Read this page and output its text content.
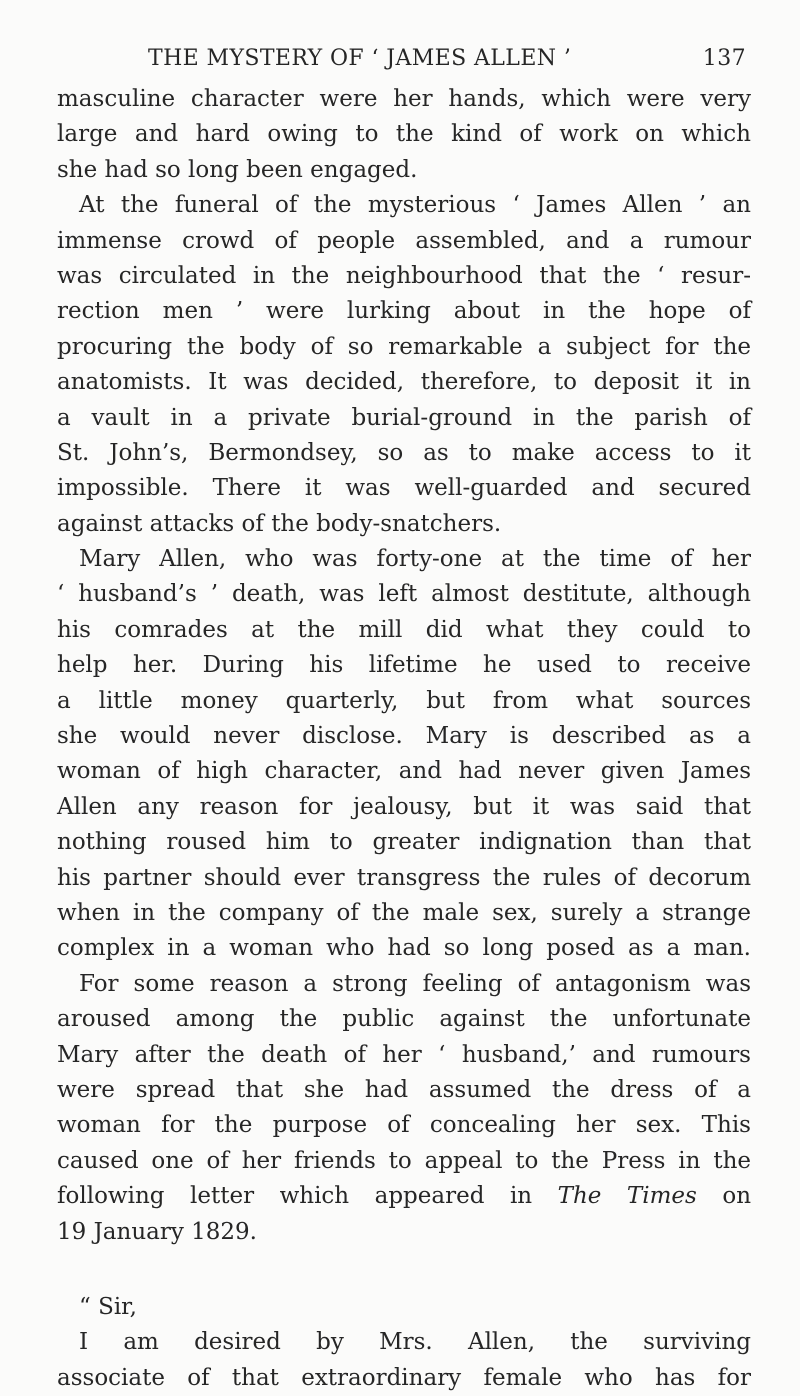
THE MYSTERY OF ‘ JAMES ALLEN ’	137
masculine character were her hands, which were very
large and hard owing to the kind of work on which
she had so long been engaged.
At the funeral of the mysterious ‘ James Allen ’ an
immense crowd of people assembled, and a rumour
was circulated in the neighbourhood that the ‘ resur-
rection men ’ were lurking about in the hope of
procuring the body of so remarkable a subject for the
anatomists. It was decided, therefore, to deposit it in
a vault in a private burial-ground in the parish of
St. John’s, Bermondsey, so as to make access to it
impossible. There it was well-guarded and secured
against attacks of the body-snatchers.
Mary Allen, who was forty-one at the time of her
‘ husband’s ’ death, was left almost destitute, although
his comrades at the mill did what they could to
help her. During his lifetime he used to receive
a little money quarterly, but from what sources
she would never disclose. Mary is described as a
woman of high character, and had never given James
Allen any reason for jealousy, but it was said that
nothing roused him to greater indignation than that
his partner should ever transgress the rules of decorum
when in the company of the male sex, surely a strange
complex in a woman who had so long posed as a man.
For some reason a strong feeling of antagonism was
aroused among the public against the unfortunate
Mary after the death of her ‘ husband,’ and rumours
were spread that she had assumed the dress of a
woman for the purpose of concealing her sex. This
caused one of her friends to appeal to the Press in the
following letter which appeared in The Times on
19 January 1829.
“ Sir,
I am desired by Mrs. Allen, the surviving
associate of that extraordinary female who has for
